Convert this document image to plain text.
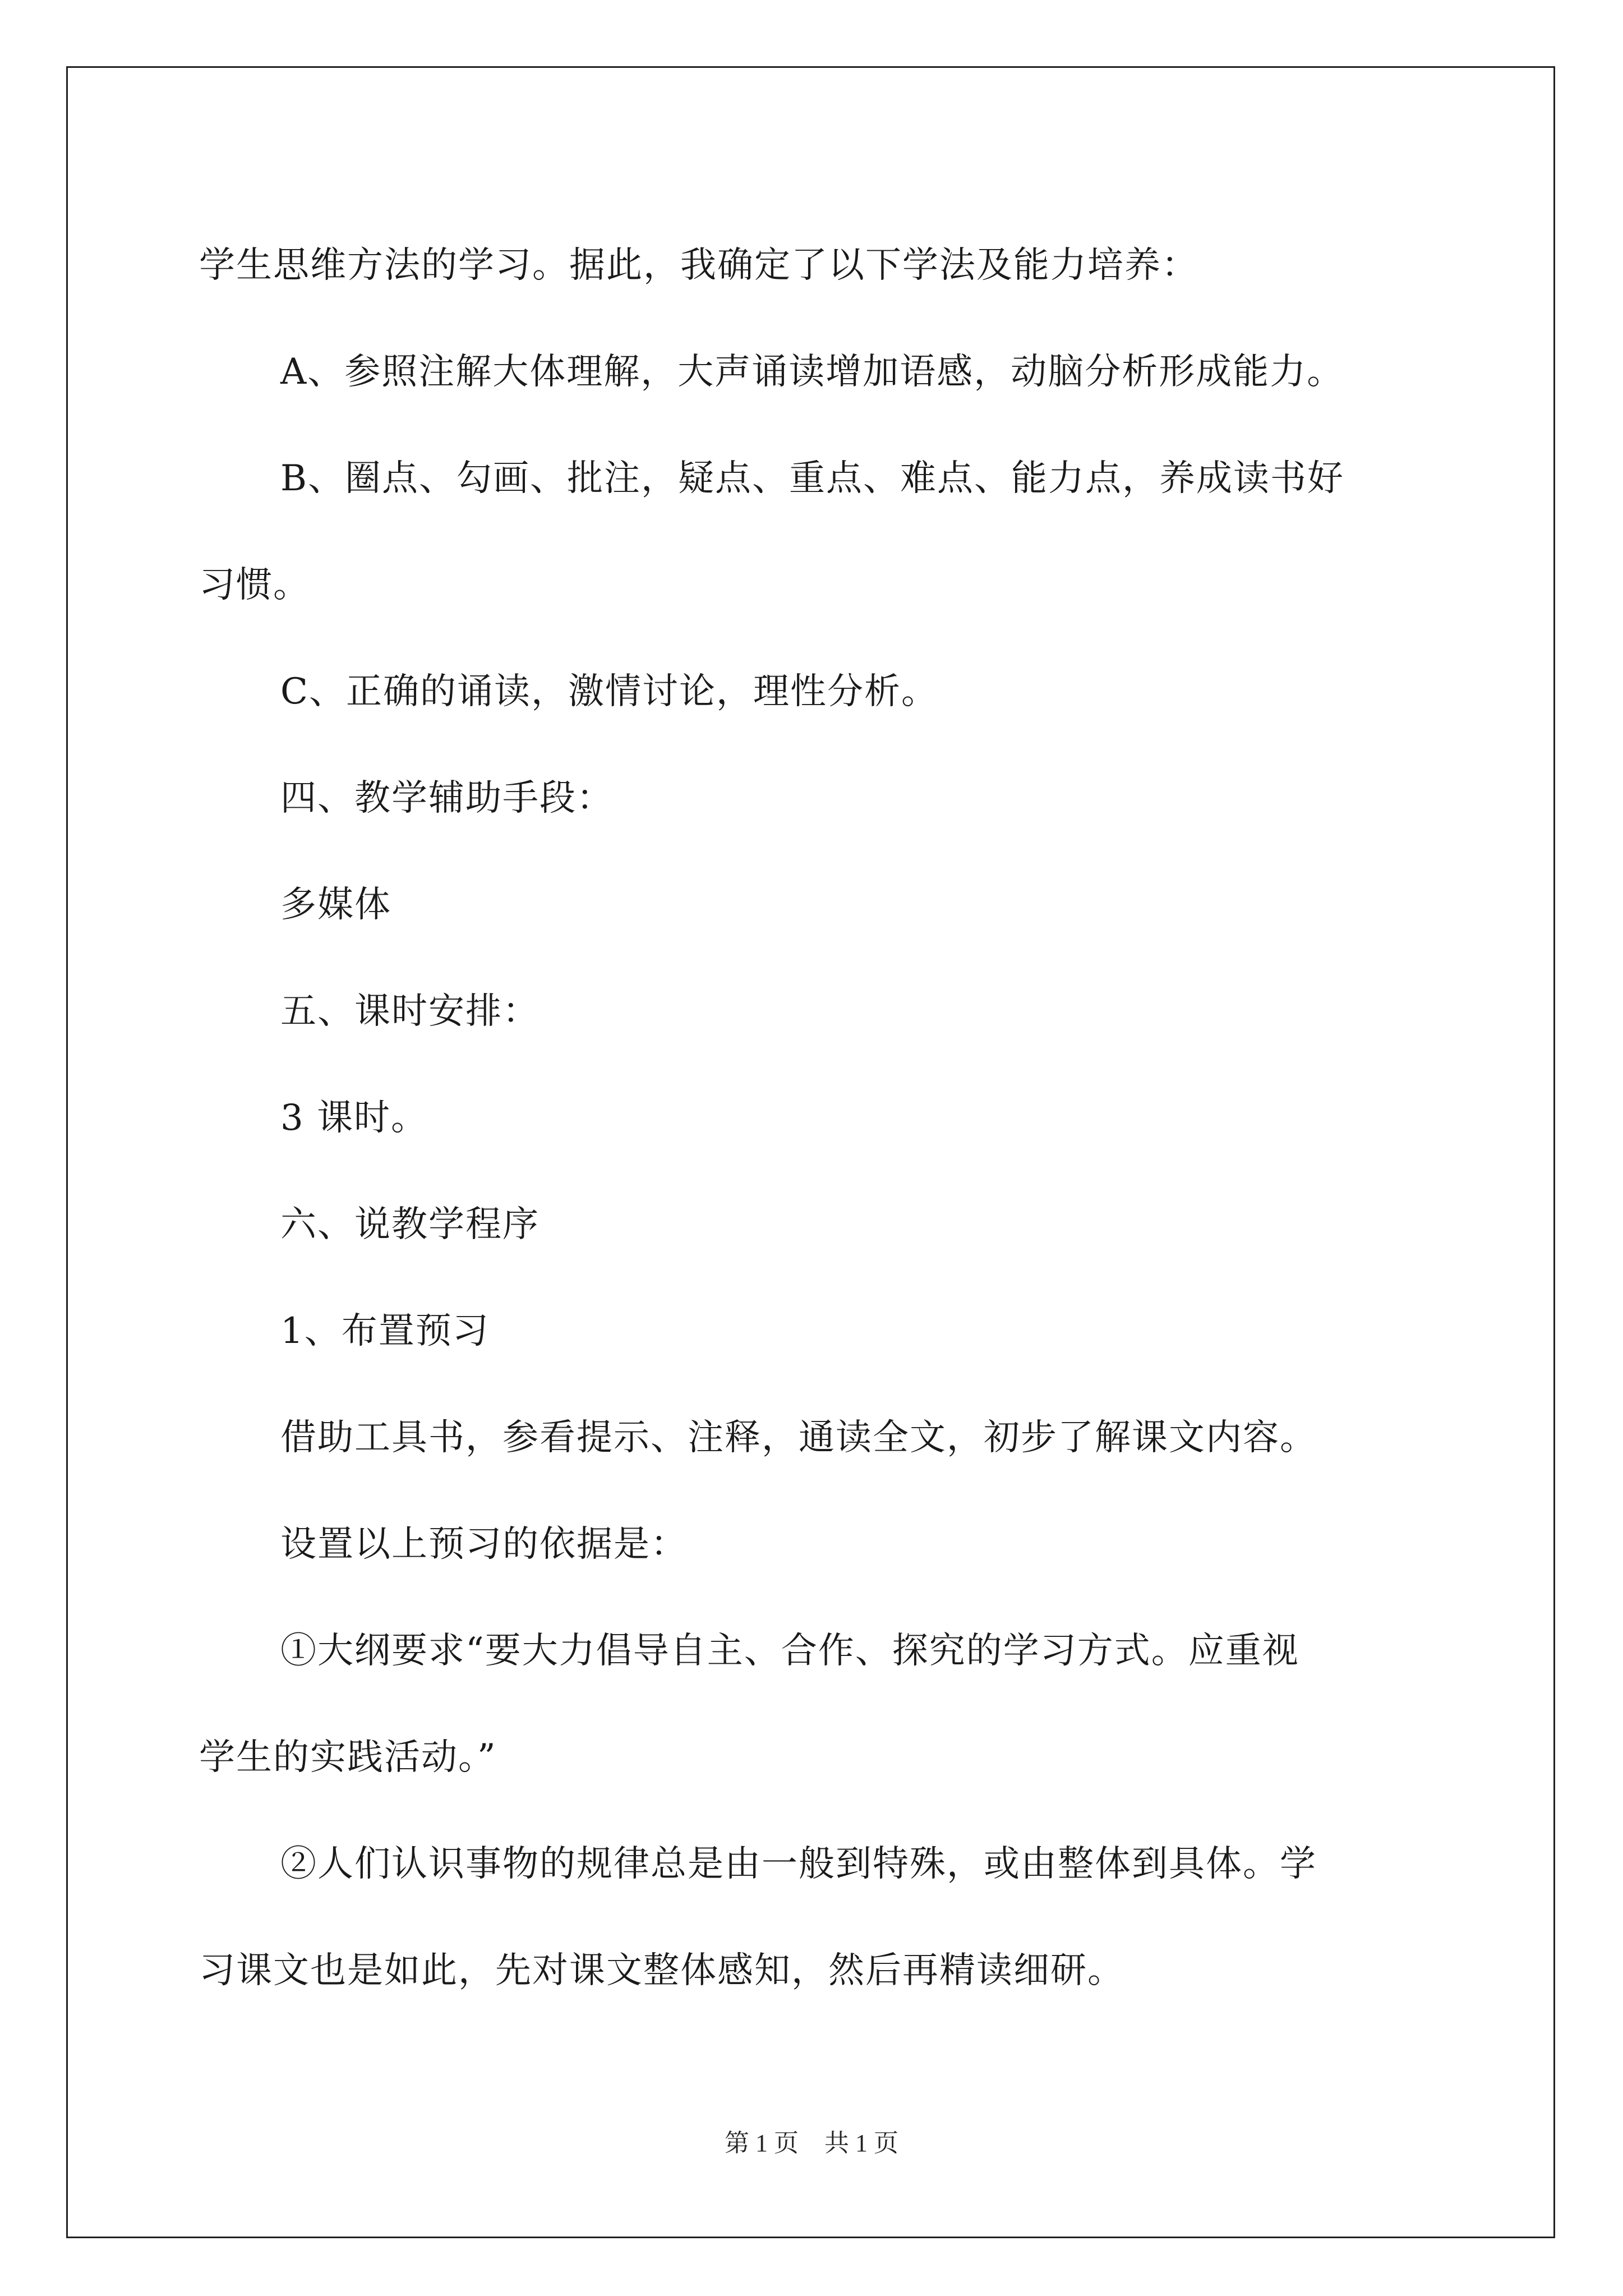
学生思维方法的学习。据此，我确定了以下学法及能力培养：

A、参照注解大体理解，大声诵读增加语感，动脑分析形成能力。

B、圈点、勾画、批注，疑点、重点、难点、能力点，养成读书好

习惯。

C、正确的诵读，激情讨论，理性分析。

四、教学辅助手段：

多媒体

五、课时安排：

3 课时。

六、说教学程序

1、布置预习

借助工具书，参看提示、注释，通读全文，初步了解课文内容。

设置以上预习的依据是：

①大纲要求“要大力倡导自主、合作、探究的学习方式。应重视

学生的实践活动。”

②人们认识事物的规律总是由一般到特殊，或由整体到具体。学

习课文也是如此，先对课文整体感知，然后再精读细研。

第 1 页 共 1 页
